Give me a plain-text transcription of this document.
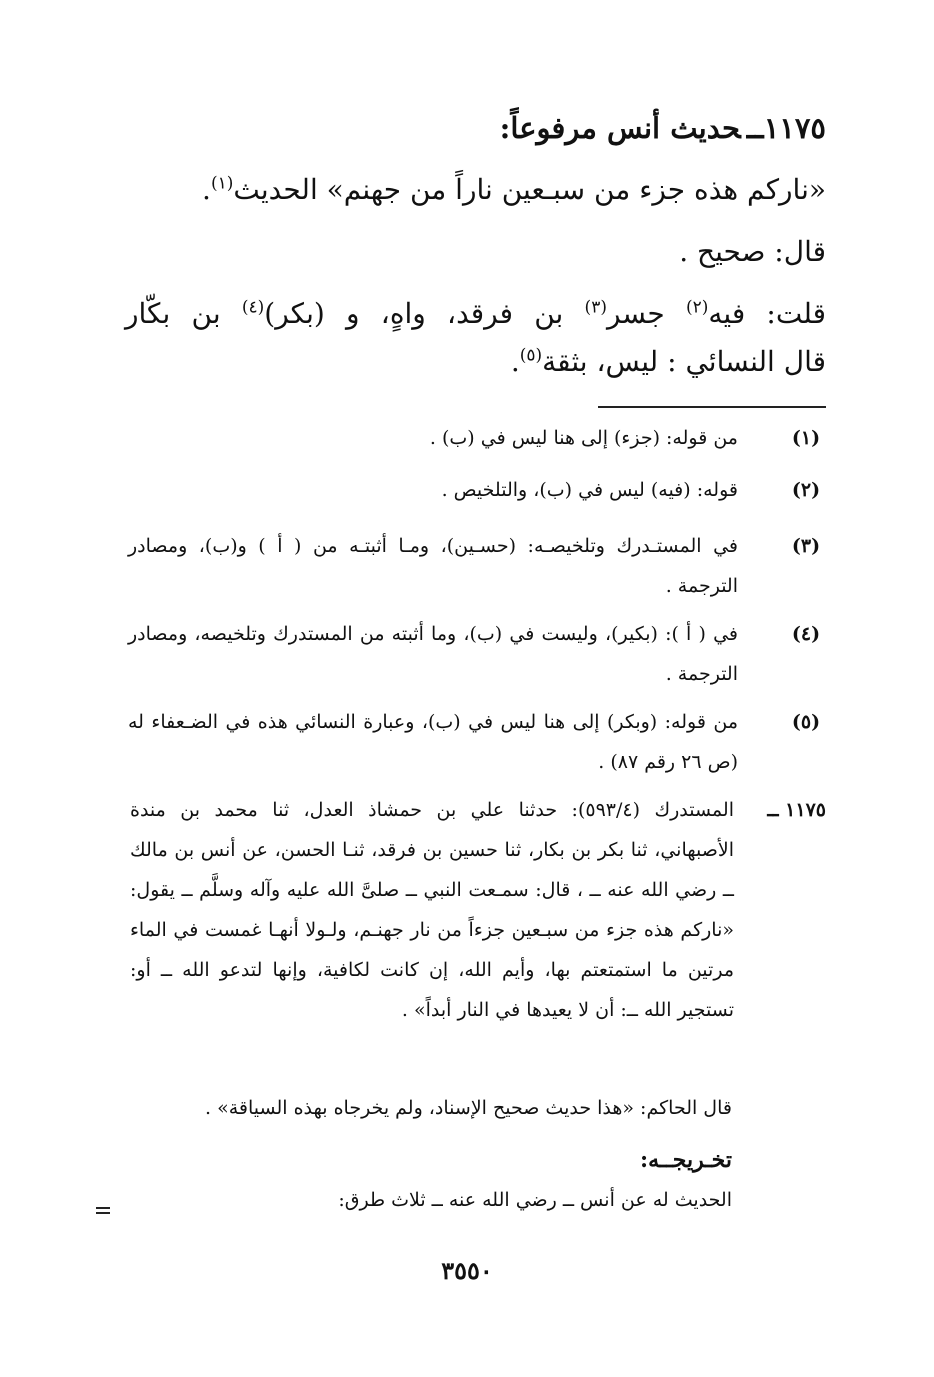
١١٧٥ــحديث أنس مرفوعاً:

«ناركم هذه جزء من سبـعين ناراً من جهنم» الحديث$^{(١)}$.

قال: صحيح .

قلت: فيه$^{(٢)}$ جسر$^{(٣)}$ بن فرقد، واهٍ، و (بكر)$^{(٤)}$ بن بكّار

قال النسائي : ليس، بثقة$^{(٥)}$.

(١)
من قوله: (جزء) إلى هنا ليس في (ب) .
(٢)
قوله: (فيه) ليس في (ب)، والتلخيص .
(٣)
في المستـدرك وتلخيصـه: (حسـين)، ومـا أثبتـه من ( أ ) و(ب)، ومصادر الترجمة .
(٤)
في ( أ ): (بكير)، وليست في (ب)، وما أثبته من المستدرك وتلخيصه، ومصادر الترجمة .
(٥)
من قوله: (وبكر) إلى هنا ليس في (ب)، وعبارة النسائي هذه في الضـعفاء له (ص ٢٦ رقم ٨٧) .
١١٧٥ ــ
المستدرك (٥٩٣/٤): حدثنا علي بن حمشاذ العدل، ثنا محمد بن مندة الأصبهاني، ثنا بكر بن بكار، ثنا حسين بن فرقد، ثنـا الحسن، عن أنس بن مالك ــ رضي الله عنه ــ ، قال: سمـعت النبي ــ صلىَّ الله عليه وآله وسلَّم ــ يقول: «ناركم هذه جزء من سبـعين جزءاً من نار جهنـم، ولـولا أنهـا غمست في الماء مرتين ما استمتعتم بها، وأيم الله، إن كانت لكافية، وإنها لتدعو الله ــ أو: تستجير الله ــ: أن لا يعيدها في النار أبداً» .
قال الحاكم: «هذا حديث صحيح الإسناد، ولم يخرجاه بهذه السياقة» .
تخـريجــه:
الحديث له عن أنس ــ رضي الله عنه ــ ثلاث طرق:
٣٥٥٠
